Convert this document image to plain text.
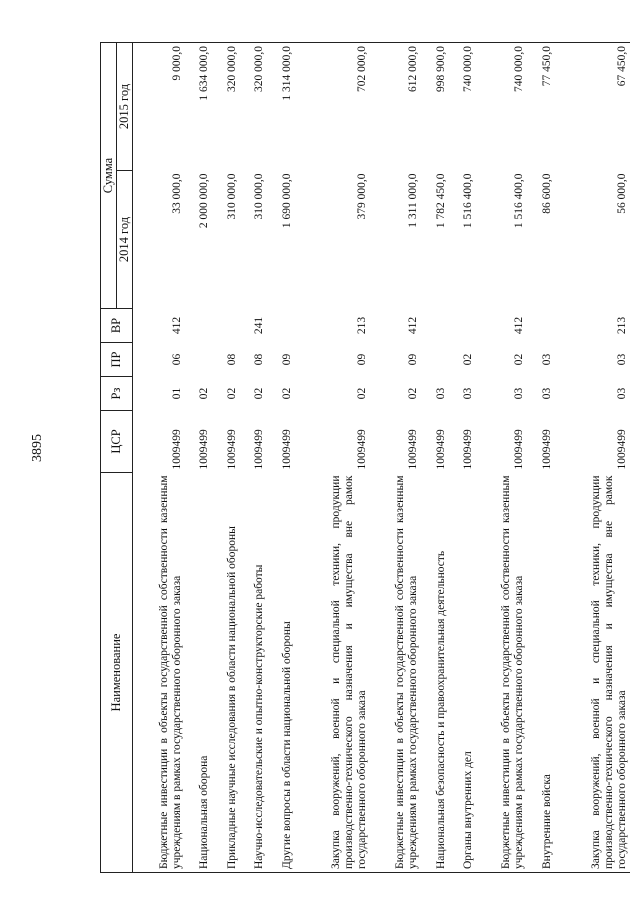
3895
Наименование	ЦСР	Рз	ПР	ВР	Сумма	
					2014 год	2015 год
Бюджетные инвестиции в объекты государственной собственности казенным учреждениям в рамках государственного оборонного заказа	1009499	01	06	412	33 000,0	9 000,0
Национальная оборона	1009499	02			2 000 000,0	1 634 000,0
Прикладные научные исследования в области национальной обороны	1009499	02	08		310 000,0	320 000,0
Научно-исследовательские и опытно-конструкторские работы	1009499	02	08	241	310 000,0	320 000,0
Другие вопросы в области национальной обороны	1009499	02	09		1 690 000,0	1 314 000,0
Закупка вооружений, военной и специальной техники, продукции производственно-технического назначения и имущества вне рамок государственного оборонного заказа	1009499	02	09	213	379 000,0	702 000,0
Бюджетные инвестиции в объекты государственной собственности казенным учреждениям в рамках государственного оборонного заказа	1009499	02	09	412	1 311 000,0	612 000,0
Национальная безопасность и правоохранительная деятельность	1009499	03			1 782 450,0	998 900,0
Органы внутренних дел	1009499	03	02		1 516 400,0	740 000,0
Бюджетные инвестиции в объекты государственной собственности казенным учреждениям в рамках государственного оборонного заказа	1009499	03	02	412	1 516 400,0	740 000,0
Внутренние войска	1009499	03	03		86 600,0	77 450,0
Закупка вооружений, военной и специальной техники, продукции производственно-технического назначения и имущества вне рамок государственного оборонного заказа	1009499	03	03	213	56 000,0	67 450,0
